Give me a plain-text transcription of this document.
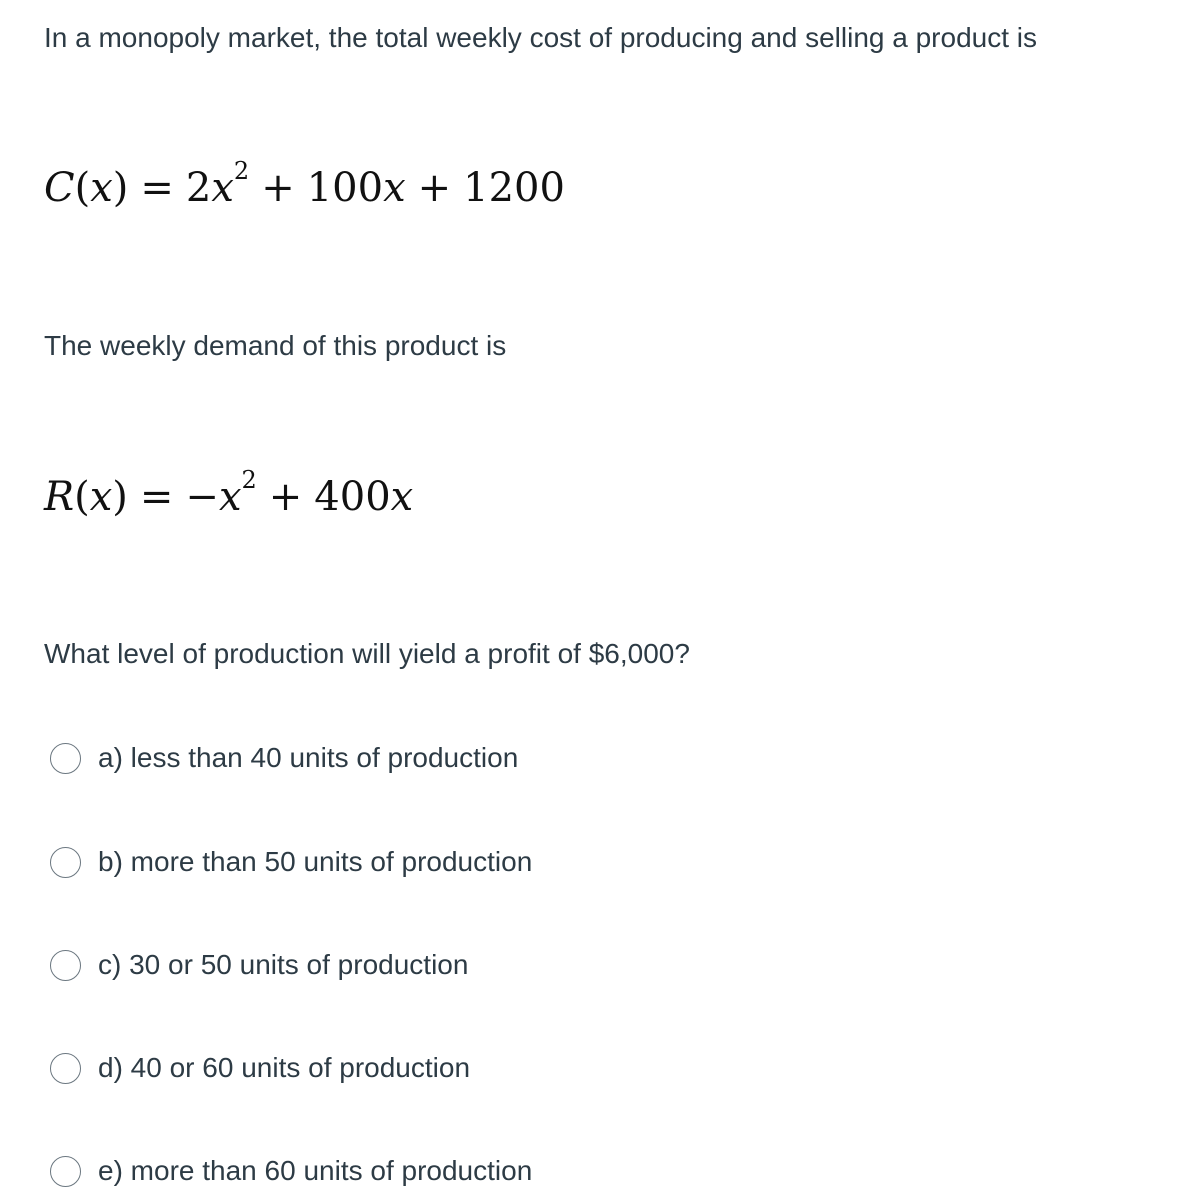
In a monopoly market, the total weekly cost of producing and selling a product is

$C(x) = 2x^2 + 100x + 1200$

The weekly demand of this product is

$R(x) = -x^2 + 400x$

What level of production will yield a profit of $6,000?

a) less than 40 units of production
b) more than 50 units of production
c) 30 or 50 units of production
d) 40 or 60 units of production
e) more than 60 units of production
